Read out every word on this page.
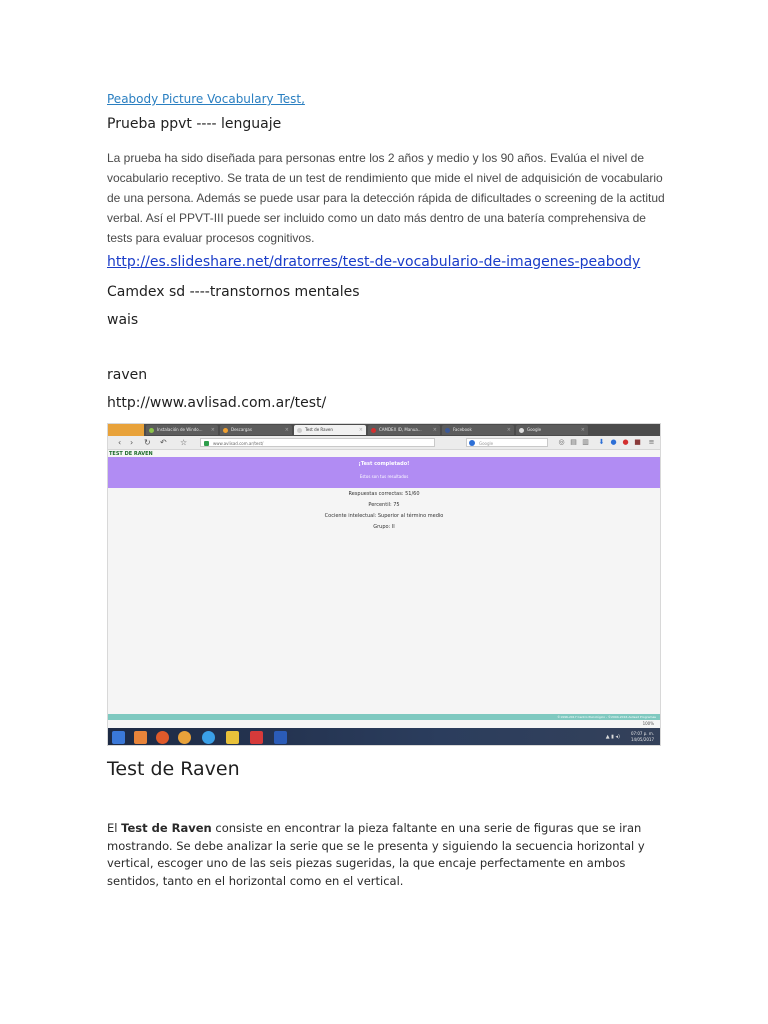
Peabody Picture Vocabulary Test,
Prueba ppvt ---- lenguaje
La prueba ha sido diseñada para personas entre los 2 años y medio y los 90 años. Evalúa el nivel de vocabulario receptivo. Se trata de un test de rendimiento que mide el nivel de adquisición de vocabulario de una persona. Además se puede usar para la detección rápida de dificultades o screening de la actitud verbal. Así el PPVT-III puede ser incluido como un dato más dentro de una batería comprehensiva de tests para evaluar procesos cognitivos.
http://es.slideshare.net/dratorres/test-de-vocabulario-de-imagenes-peabody
Camdex sd ----transtornos mentales
wais
raven
http://www.avlisad.com.ar/test/
Instalación de Windo... ×	Descargas	×	Test de Raven	×	CAMDEX ID, Manua... ×	Facebook	×	Google	×
‹ › ↻ ↶ ☆	www.avlisad.com.ar/test/	Google	◎ ▤ ▥ ⬇ ● ● ■ ≡
TEST DE RAVEN
¡Test completado!
Estos son tus resultados
Respuestas correctas: 51/60
Percentil: 75
Cociente intelectual: Superior al término medio
Grupo: II
©1996-2017 Centro Psicológico - ©2004-2016 Avlisad Programas
100%
▲ ▮ ◂)
07:07 p. m.
14/05/2017
Test de Raven
El Test de Raven consiste en encontrar la pieza faltante en una serie de figuras que se iran mostrando. Se debe analizar la serie que se le presenta y siguiendo la secuencia horizontal y vertical, escoger uno de las seis piezas sugeridas, la que encaje perfectamente en ambos sentidos, tanto en el horizontal como en el vertical.
